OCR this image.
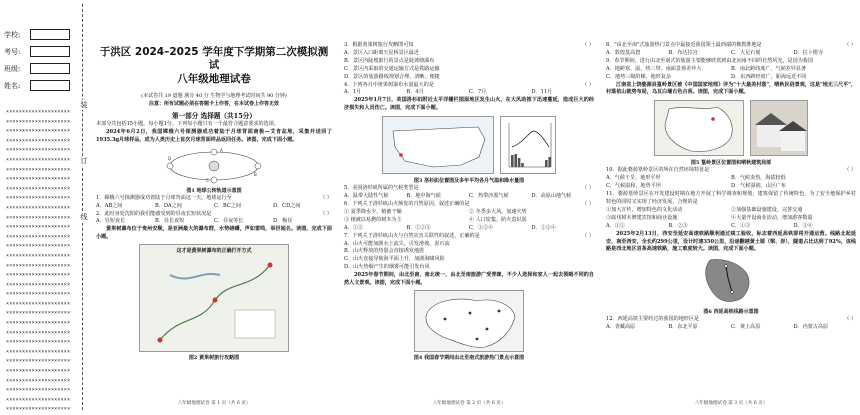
学校:
考号:
班级:
姓名:
××××××××××××××××××××
××××××××××××××××××××
××××××××××××××××××××
××××××××××××××××××××
××××××××××××××××××××
××××××××××××××××××××
××××××××××××××××××××
××××××××××××××××××××
××××××××××××××××××××
××××××××××××××××××××
××××××××××××××××××××
××××××××××××××××××××
××××××××××××××××××××
××××××××××××××××××××
××××××××××××××××××××
××××××××××××××××××××
××××××××××××××××××××
××××××××××××××××××××
××××××××××××××××××××
××××××××××××××××××××
××××××××××××××××××××
××××××××××××××××××××
××××××××××××××××××××
××××××××××××××××××××
××××××××××××××××××××
××××××××××××××××××××
××××××××××××××××××××
××××××××××××××××××××
××××××××××××××××××××
××××××××××××××××××××
××××××××××××××××××××
××××××××××××××××××××
装
订
线
于洪区 2024–2025 学年度下学期第二次模拟测试
八年级地理试卷
(本试卷共 19 道题 满分 40 分 生物学与地理考试时间共 90 分钟)
注意：所有试题必须在答题卡上作答，在本试卷上作答无效
第一部分 选择题（共15分）
本部分共包括15小题，每小题1分。下列每小题只有一个最符合题意要求的选项。
2024年6月2日，我国嫦娥六号探测器成功着陆于月球背面南极—艾肯盆地，采集并送回了1935.3g月球样品，成为人类历史上首次月球背面样品返回任务。读图，完成下面小题。
A
B
C
D
图1 地球公转轨道示意图
1．嫦娥六号探测器成功着陆于月球背面这一天，地球运行至	（ ）
A．AB之间	B．DA之间	C．BC之间	D．CD之间
2．此时身处沈阳的我们能感受到的昼夜长短状况是	（ ）
A．昼短夜长	B．昼长夜短	C．昼夜等长	D．极昼
黄果树瀑布位于贵州安顺，是亚洲最大的瀑布群，水势磅礴，声如雷鸣，举世闻名。读图，完成下面小题。
这才是黄果树瀑布的正确打开方式
图2 黄果树旅行攻略图
八年级地理试卷 第 1 页（共 6 页）
3．根据黄果树旅行攻略图可知	（ ）
A．景区入口距离天星桥景区最近
B．景区内陡坡旅行的景点是陡坡塘瀑布
C．景区内采取的交通运输方式是铁路运输
D．景区的旅游路线规划合理、清晰、便捷
4．下列各月中黄果树瀑布水量最大的是	（ ）
A．1月	B．4月	C．7月	D．11月
2025年1月7日，美国洛杉矶附近太平洋栅栏图湿地区发生山火，在大风助推下迅速蔓延，造成巨大的经济损失和人员伤亡。读图，完成下面小题。
图3 洛杉矶位置图及多年平均各月气温和降水量图
5．美国洛杉矶所属的气候类型是	（ ）
A．温带大陆性气候	B．地中海气候	C．热带沙漠气候	D．高原山地气候
6．下列关于洛杉矶山火频发的自然原因，叙述正确的是	（ ）
① 夏季降水少，植被干燥	② 冬季多大风，加速火势
③ 植被以易燃的树木为主	④ 人口密集，防火意识弱
A．①②	B．①②③	C．①②④	D．②③④
7．下列关于洛杉矶山火与自然灾害关联性的叙述，正确的是	（ ）
A．山火可能加剧水土流失、引发滑坡、泥石流
B．山火释放的热量会直接诱发地震
C．山火直接导致海平面上升，加剧海啸风险
D．山火热烟产生的烟雾可能引发台风
2025年春节期间，由北至南、南北统一，由北至南旅游广受青睐，不少人选择和家人一起去领略不同的自然人文景观。读图，完成下面小题。
图4 我国春节期间由北至南式旅游热门景点示意图
八年级地理试卷 第 2 页（共 6 页）
8．"由北至南"式旅游热门景点中最接近我国领土最西端的佛教胜地是	（ ）
A．敦煌莫高窟	B．布达拉宫	C．大足石刻	D．拉卜楞寺
9．春节期间，进行由北至南式的旅游主要能够欣赏到由北向南不同的自然风光，是因为我国
A．地跨寒、温、热三带，南面景观差异大	B．南北跨纬度广，气候差异显著
C．地势三级阶梯，地形复杂	D．东西跨经度广，距海远近不同
江南省上饶婺源县篁岭景区被《中国国家地理》评为"十大最美村落"，晒秋民俗景观，这是"地无三尺平"，村落依山就势布局，乌瓦白墙古色古香。读图，完成下面小题。
图5 篁岭景区位置图和晒秋建筑局部
10．据此婺源篁岭景区的所在自然环境特征是	（ ）
A．气候干旱，地形平坦	B．气候炎热，海拔较低
C．气候温和，地势平坦	D．气候湿润，山区广布
11．婺源篁岭景区在开发建设时期在地方开展了科学调查和规划，建筑保留了传统特色，为了安全地保护乡村特色的同时又实现了经济发展，合理的是
①加大宣传，增加特色的文化活动	②加强基础设施建设，完善交通
③砍伐树木修建宾馆和商业设施	④大量开设商业活动，增加游客数量
A．①②	B．②③	C．①③	D．③④
2025年2月13日，西安至延安高速铁路顺利通过竣工验收，标志着西延高铁即将开通运营。线路北起延安，南至西安，全长约299公里，设计时速350公里，沿途翻越黄土塬（梁、峁），隧道占比达到了92%，该线路是西北地区首条高速铁路，施工难度较大。读图，完成下面小题。
图6 西延高铁线路示意图
12．西延高铁主要经过的我国的地形区是	（ ）
A．青藏高原	B．东北平原	C．黄土高原	D．内蒙古高原
八年级地理试卷 第 3 页（共 6 页）
